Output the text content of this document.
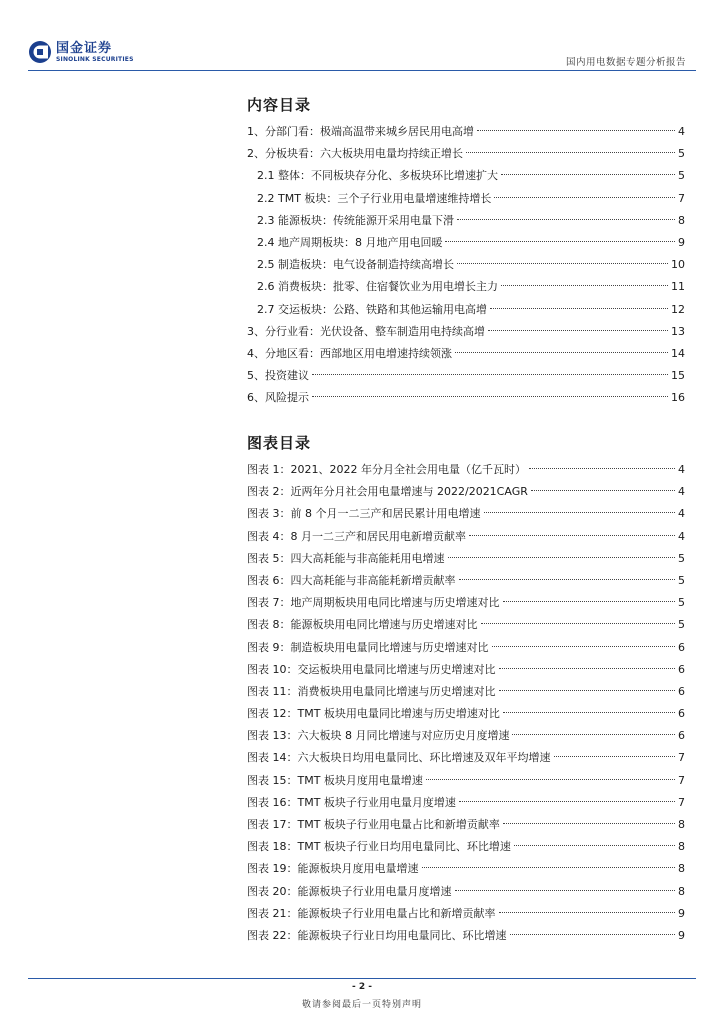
国金证券
SINOLINK SECURITIES	国内用电数据专题分析报告
内容目录
1、分部门看：极端高温带来城乡居民用电高增	4
2、分板块看：六大板块用电量均持续正增长	5
2.1 整体：不同板块存分化、多板块环比增速扩大	5
2.2 TMT 板块：三个子行业用电量增速维持增长	7
2.3 能源板块：传统能源开采用电量下滑	8
2.4 地产周期板块：8 月地产用电回暖	9
2.5 制造板块：电气设备制造持续高增长	10
2.6 消费板块：批零、住宿餐饮业为用电增长主力	11
2.7 交运板块：公路、铁路和其他运输用电高增	12
3、分行业看：光伏设备、整车制造用电持续高增	13
4、分地区看：西部地区用电增速持续领涨	14
5、投资建议	15
6、风险提示	16
图表目录
图表 1：2021、2022 年分月全社会用电量（亿千瓦时）	4
图表 2：近两年分月社会用电量增速与 2022/2021CAGR	4
图表 3：前 8 个月一二三产和居民累计用电增速	4
图表 4：8 月一二三产和居民用电新增贡献率	4
图表 5：四大高耗能与非高能耗用电增速	5
图表 6：四大高耗能与非高能耗新增贡献率	5
图表 7：地产周期板块用电同比增速与历史增速对比	5
图表 8：能源板块用电同比增速与历史增速对比	5
图表 9：制造板块用电量同比增速与历史增速对比	6
图表 10：交运板块用电量同比增速与历史增速对比	6
图表 11：消费板块用电量同比增速与历史增速对比	6
图表 12：TMT 板块用电量同比增速与历史增速对比	6
图表 13：六大板块 8 月同比增速与对应历史月度增速	6
图表 14：六大板块日均用电量同比、环比增速及双年平均增速	7
图表 15：TMT 板块月度用电量增速	7
图表 16：TMT 板块子行业用电量月度增速	7
图表 17：TMT 板块子行业用电量占比和新增贡献率	8
图表 18：TMT 板块子行业日均用电量同比、环比增速	8
图表 19：能源板块月度用电量增速	8
图表 20：能源板块子行业用电量月度增速	8
图表 21：能源板块子行业用电量占比和新增贡献率	9
图表 22：能源板块子行业日均用电量同比、环比增速	9
- 2 -
敬请参阅最后一页特别声明
